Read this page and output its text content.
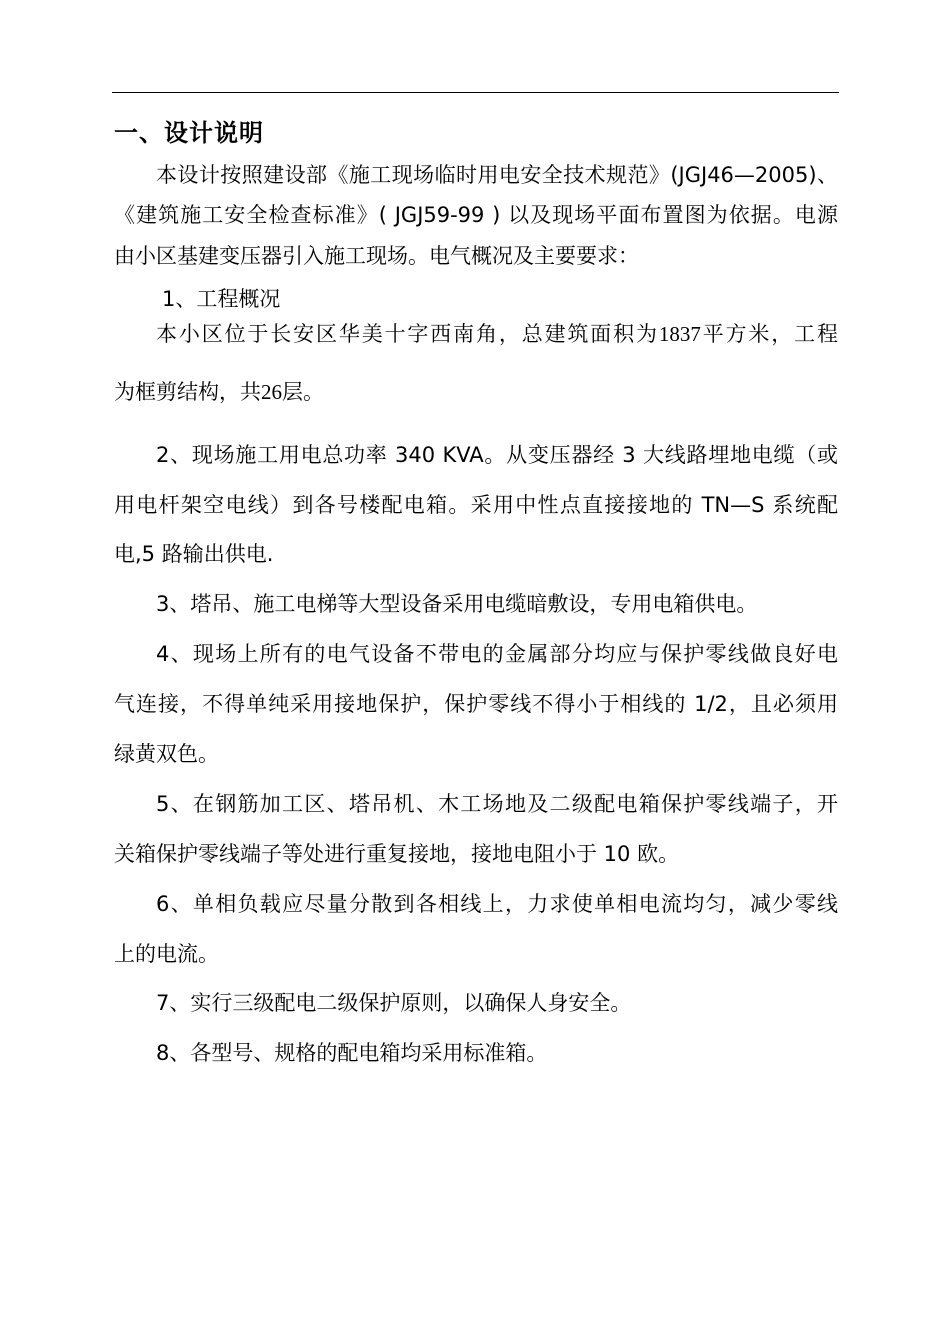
一、设计说明
本设计按照建设部《施工现场临时用电安全技术规范》(JGJ46—2005)、
《建筑施工安全检查标准》( JGJ59-99 ) 以及现场平面布置图为依据。电源
由小区基建变压器引入施工现场。电气概况及主要要求：
1、工程概况
本小区位于长安区华美十字西南角，总建筑面积为1837平方米，工程
为框剪结构，共26层。
2、现场施工用电总功率 340 KVA。从变压器经 3 大线路埋地电缆（或
用电杆架空电线）到各号楼配电箱。采用中性点直接接地的 TN—S 系统配
电,5 路输出供电.
3、塔吊、施工电梯等大型设备采用电缆暗敷设，专用电箱供电。
4、现场上所有的电气设备不带电的金属部分均应与保护零线做良好电
气连接，不得单纯采用接地保护，保护零线不得小于相线的 1/2，且必须用
绿黄双色。
5、在钢筋加工区、塔吊机、木工场地及二级配电箱保护零线端子，开
关箱保护零线端子等处进行重复接地，接地电阻小于 10 欧。
6、单相负载应尽量分散到各相线上，力求使单相电流均匀，减少零线
上的电流。
7、实行三级配电二级保护原则，以确保人身安全。
8、各型号、规格的配电箱均采用标准箱。
